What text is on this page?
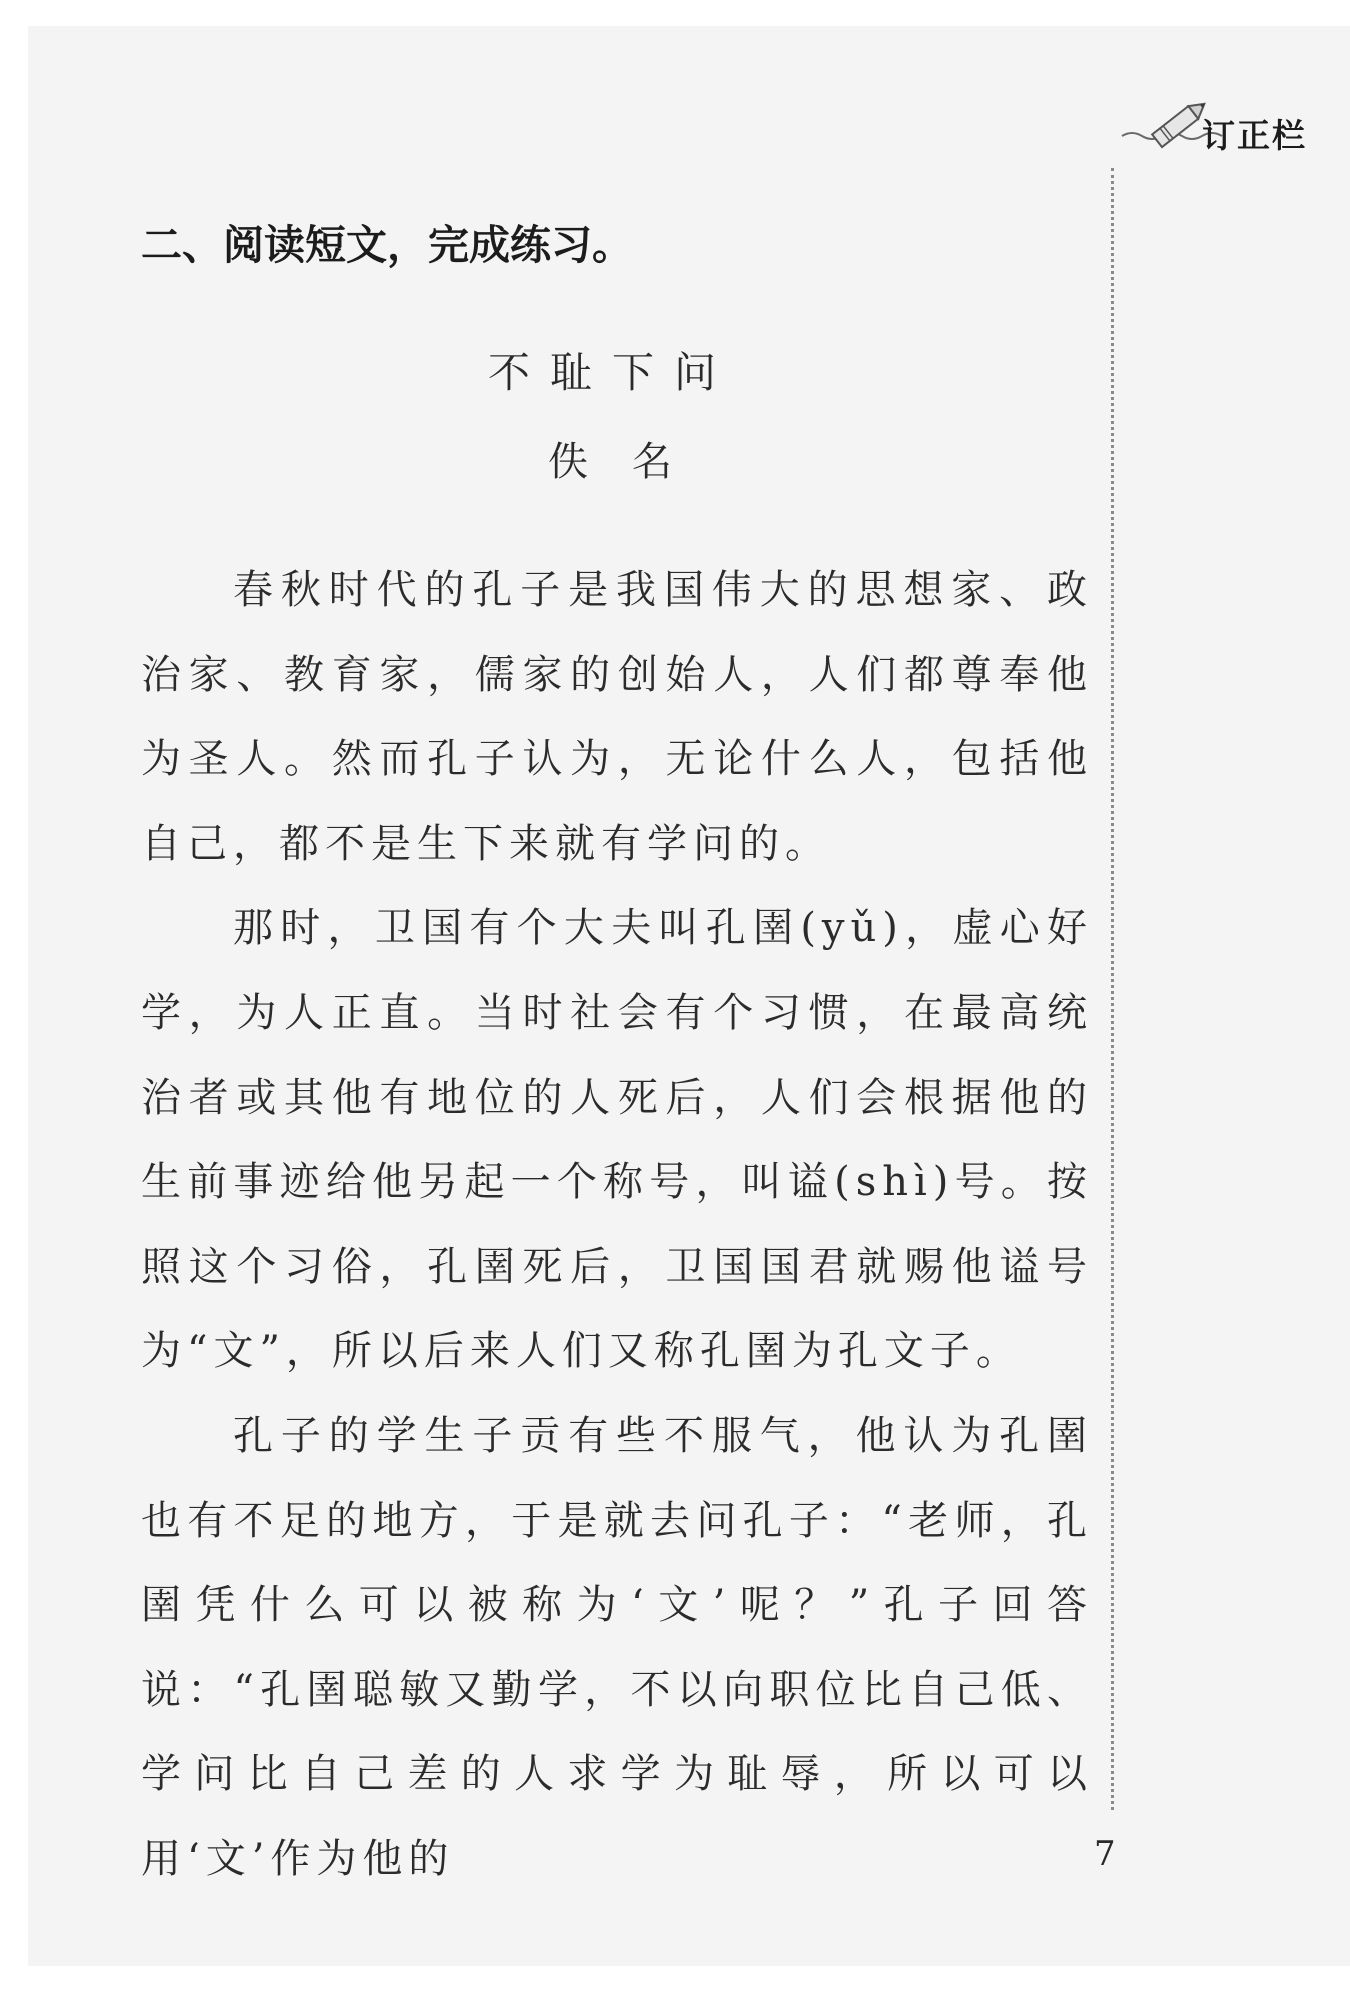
订正栏
二、阅读短文，完成练习。
不耻下问
佚名

春秋时代的孔子是我国伟大的思想家、政治家、教育家，儒家的创始人，人们都尊奉他为圣人。然而孔子认为，无论什么人，包括他自己，都不是生下来就有学问的。

那时，卫国有个大夫叫孔圉(yǔ)，虚心好学，为人正直。当时社会有个习惯，在最高统治者或其他有地位的人死后，人们会根据他的生前事迹给他另起一个称号，叫谥(shì)号。按照这个习俗，孔圉死后，卫国国君就赐他谥号为“文”，所以后来人们又称孔圉为孔文子。

孔子的学生子贡有些不服气，他认为孔圉也有不足的地方，于是就去问孔子：“老师，孔圉凭什么可以被称为‘文’呢？”孔子回答说：“孔圉聪敏又勤学，不以向职位比自己低、学问比自己差的人求学为耻辱，所以可以用‘文’作为他的	7
